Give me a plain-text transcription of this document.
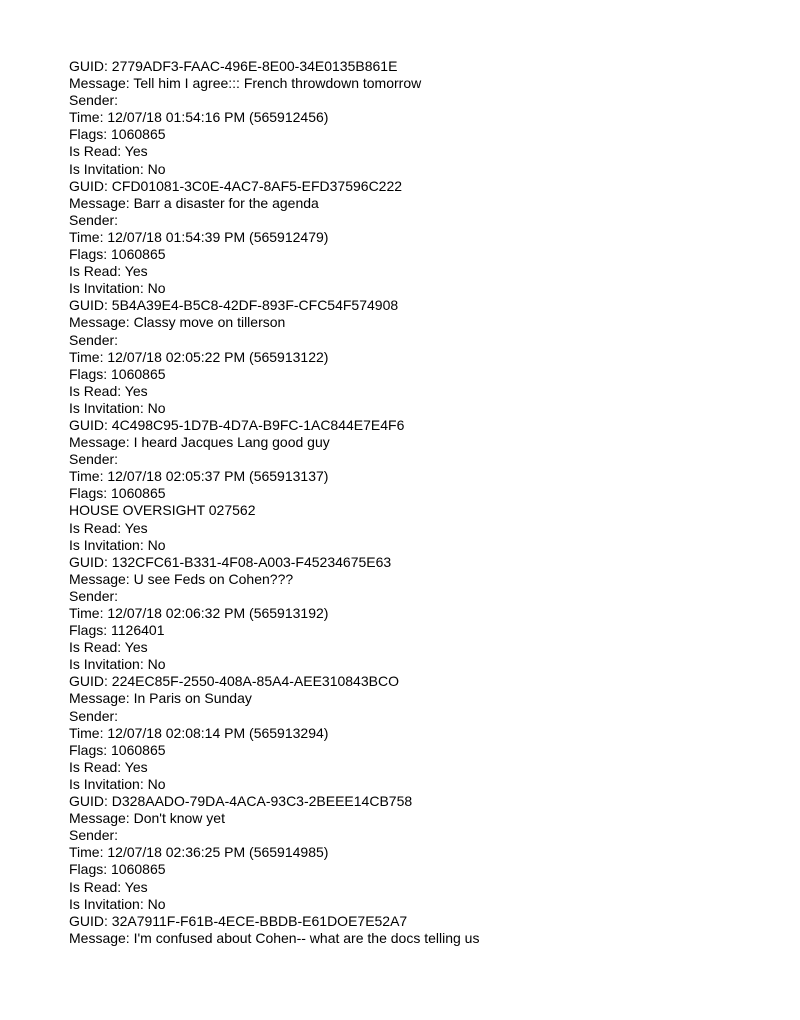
GUID: 2779ADF3-FAAC-496E-8E00-34E0135B861E
Message: Tell him I agree::: French throwdown tomorrow
Sender:
Time: 12/07/18 01:54:16 PM (565912456)
Flags: 1060865
Is Read: Yes
Is Invitation: No
GUID: CFD01081-3C0E-4AC7-8AF5-EFD37596C222
Message: Barr a disaster for the agenda
Sender:
Time: 12/07/18 01:54:39 PM (565912479)
Flags: 1060865
Is Read: Yes
Is Invitation: No
GUID: 5B4A39E4-B5C8-42DF-893F-CFC54F574908
Message: Classy move on tillerson
Sender:
Time: 12/07/18 02:05:22 PM (565913122)
Flags: 1060865
Is Read: Yes
Is Invitation: No
GUID: 4C498C95-1D7B-4D7A-B9FC-1AC844E7E4F6
Message: I heard Jacques Lang good guy
Sender:
Time: 12/07/18 02:05:37 PM (565913137)
Flags: 1060865
HOUSE OVERSIGHT 027562
Is Read: Yes
Is Invitation: No
GUID: 132CFC61-B331-4F08-A003-F45234675E63
Message: U see Feds on Cohen???
Sender:
Time: 12/07/18 02:06:32 PM (565913192)
Flags: 1126401
Is Read: Yes
Is Invitation: No
GUID: 224EC85F-2550-408A-85A4-AEE310843BCO
Message: In Paris on Sunday
Sender:
Time: 12/07/18 02:08:14 PM (565913294)
Flags: 1060865
Is Read: Yes
Is Invitation: No
GUID: D328AADO-79DA-4ACA-93C3-2BEEE14CB758
Message: Don't know yet
Sender:
Time: 12/07/18 02:36:25 PM (565914985)
Flags: 1060865
Is Read: Yes
Is Invitation: No
GUID: 32A7911F-F61B-4ECE-BBDB-E61DOE7E52A7
Message: I'm confused about Cohen-- what are the docs telling us
